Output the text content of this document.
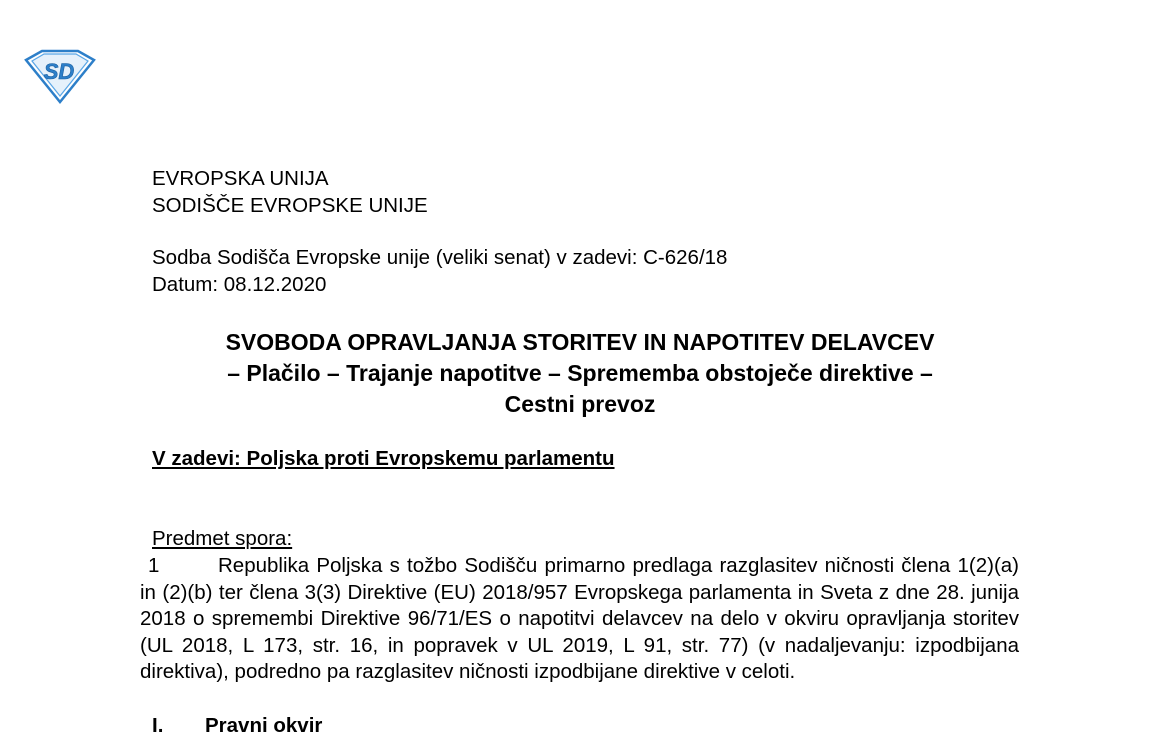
SD
EVROPSKA UNIJA
SODIŠČE EVROPSKE UNIJE
Sodba Sodišča Evropske unije (veliki senat) v zadevi: C-626/18
Datum: 08.12.2020
SVOBODA OPRAVLJANJA STORITEV IN NAPOTITEV DELAVCEV
– Plačilo – Trajanje napotitve – Sprememba obstoječe direktive –
Cestni prevoz
V zadevi: Poljska proti Evropskemu parlamentu
Predmet spora:
1	Republika Poljska s tožbo Sodišču primarno predlaga razglasitev ničnosti člena 1(2)(a) in (2)(b) ter člena 3(3) Direktive (EU) 2018/957 Evropskega parlamenta in Sveta z dne 28. junija 2018 o spremembi Direktive 96/71/ES o napotitvi delavcev na delo v okviru opravljanja storitev (UL 2018, L 173, str. 16, in popravek v UL 2019, L 91, str. 77) (v nadaljevanju: izpodbijana direktiva), podredno pa razglasitev ničnosti izpodbijane direktive v celoti.
I. Pravni okvir
